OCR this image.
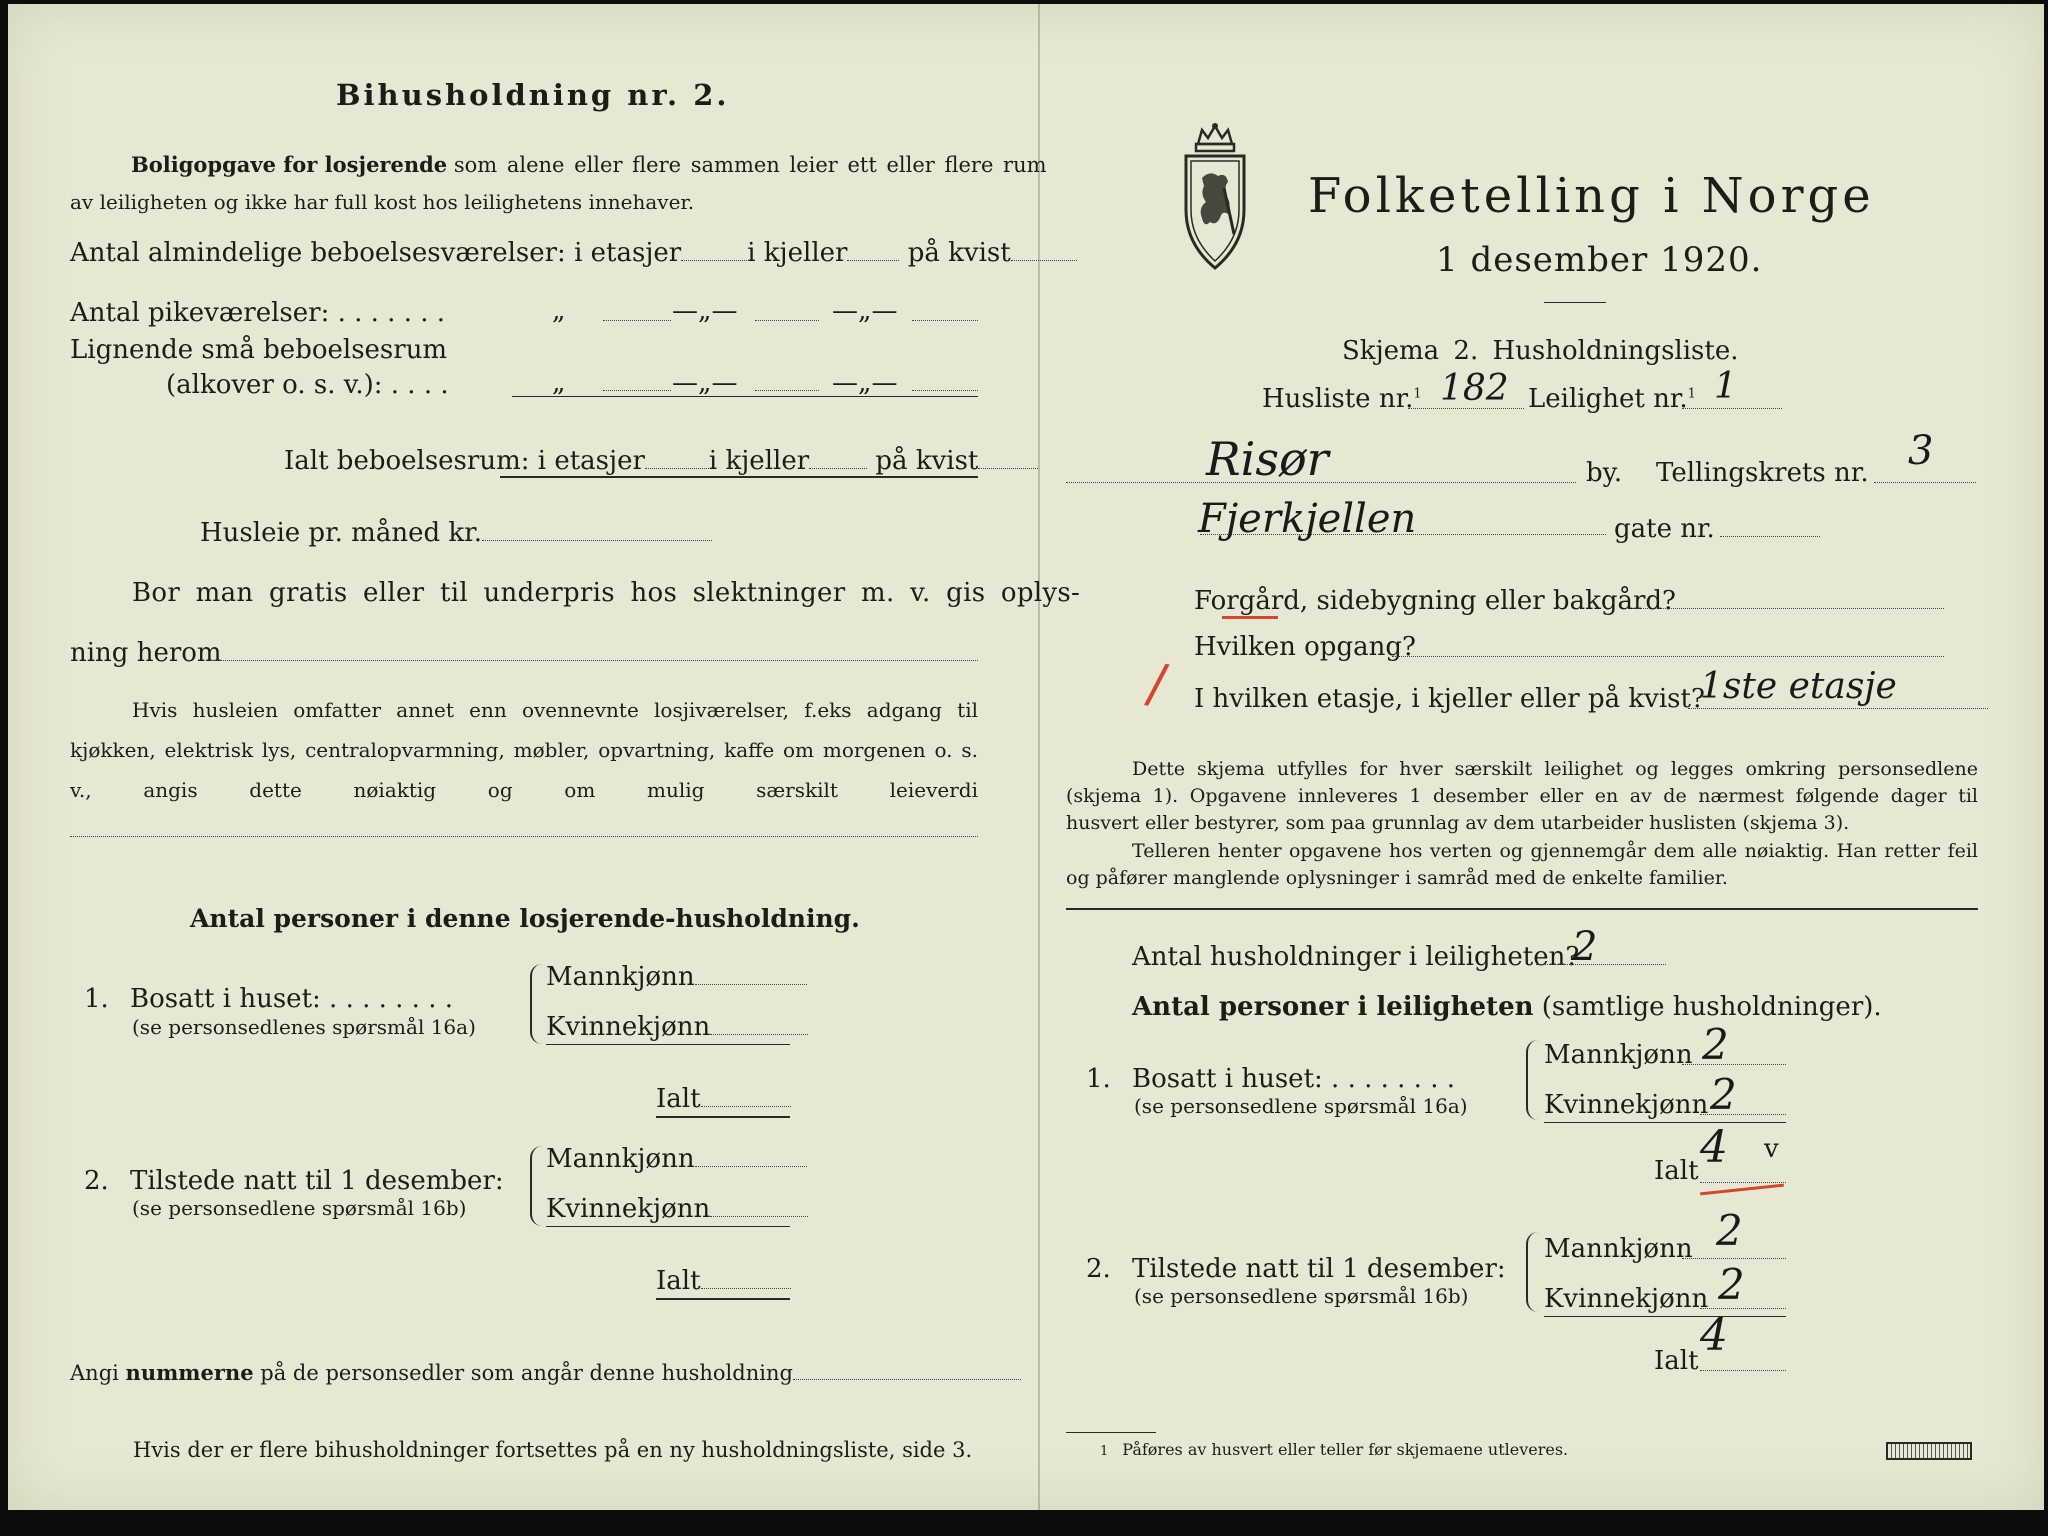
Bihusholdning nr. 2.
Boligopgave for losjerende som alene eller flere sammen leier ett eller flere rum
av leiligheten og ikke har full kost hos leilighetens innehaver.
Antal almindelige beboelsesværelser: i etasjer	i kjeller på kvist
Antal pikeværelser: . . . . . . .	„	—„—	—„—
Lignende små beboelsesrum
(alkover o. s. v.): . . . .	„	—„—	—„—
Ialt beboelsesrum: i etasjer i kjeller	på kvist
Husleie pr. måned kr.
Bor man gratis eller til underpris hos slektninger m. v. gis oplys-
ning herom
Hvis husleien omfatter annet enn ovennevnte losjiværelser, f.eks adgang til kjøkken, elektrisk lys, centralopvarmning, møbler, opvartning, kaffe om morgenen o. s. v., angis dette nøiaktig og om mulig særskilt leieverdi
Antal personer i denne losjerende-husholdning.
1. Bosatt i huset: . . . . . . . .
(se personsedlenes spørsmål 16a)
Mannkjønn
Kvinnekjønn
Ialt
2. Tilstede natt til 1 desember:
(se personsedlene spørsmål 16b)
Mannkjønn
Kvinnekjønn
Ialt
Angi nummerne på de personsedler som angår denne husholdning
Hvis der er flere bihusholdninger fortsettes på en ny husholdningsliste, side 3.
Folketelling i Norge
1 desember 1920.
Skjema 2. Husholdningsliste.
Husliste nr.$^1$ 182 Leilighet nr.$^1$ 1
Risør	by. Tellingskrets nr. 3
Fjerkjellen	gate nr.
Forgård, sidebygning eller bakgård?
Hvilken opgang?
/ I hvilken etasje, i kjeller eller på kvist?
1ste etasje
Dette skjema utfylles for hver særskilt leilighet og legges omkring personsedlene (skjema 1). Opgavene innleveres 1 desember eller en av de nærmest følgende dager til husvert eller bestyrer, som paa grunnlag av dem utarbeider huslisten (skjema 3).
Telleren henter opgavene hos verten og gjennemgår dem alle nøiaktig. Han retter feil og påfører manglende oplysninger i samråd med de enkelte familier.
Antal husholdninger i leiligheten?
2
Antal personer i leiligheten (samtlige husholdninger).
1. Bosatt i huset: . . . . . . . .
(se personsedlene spørsmål 16a)
Mannkjønn 2
Kvinnekjønn 2
Ialt 4 v
2. Tilstede natt til 1 desember:
(se personsedlene spørsmål 16b)
Mannkjønn 2
Kvinnekjønn 2
Ialt 4
1 Påføres av husvert eller teller før skjemaene utleveres.
